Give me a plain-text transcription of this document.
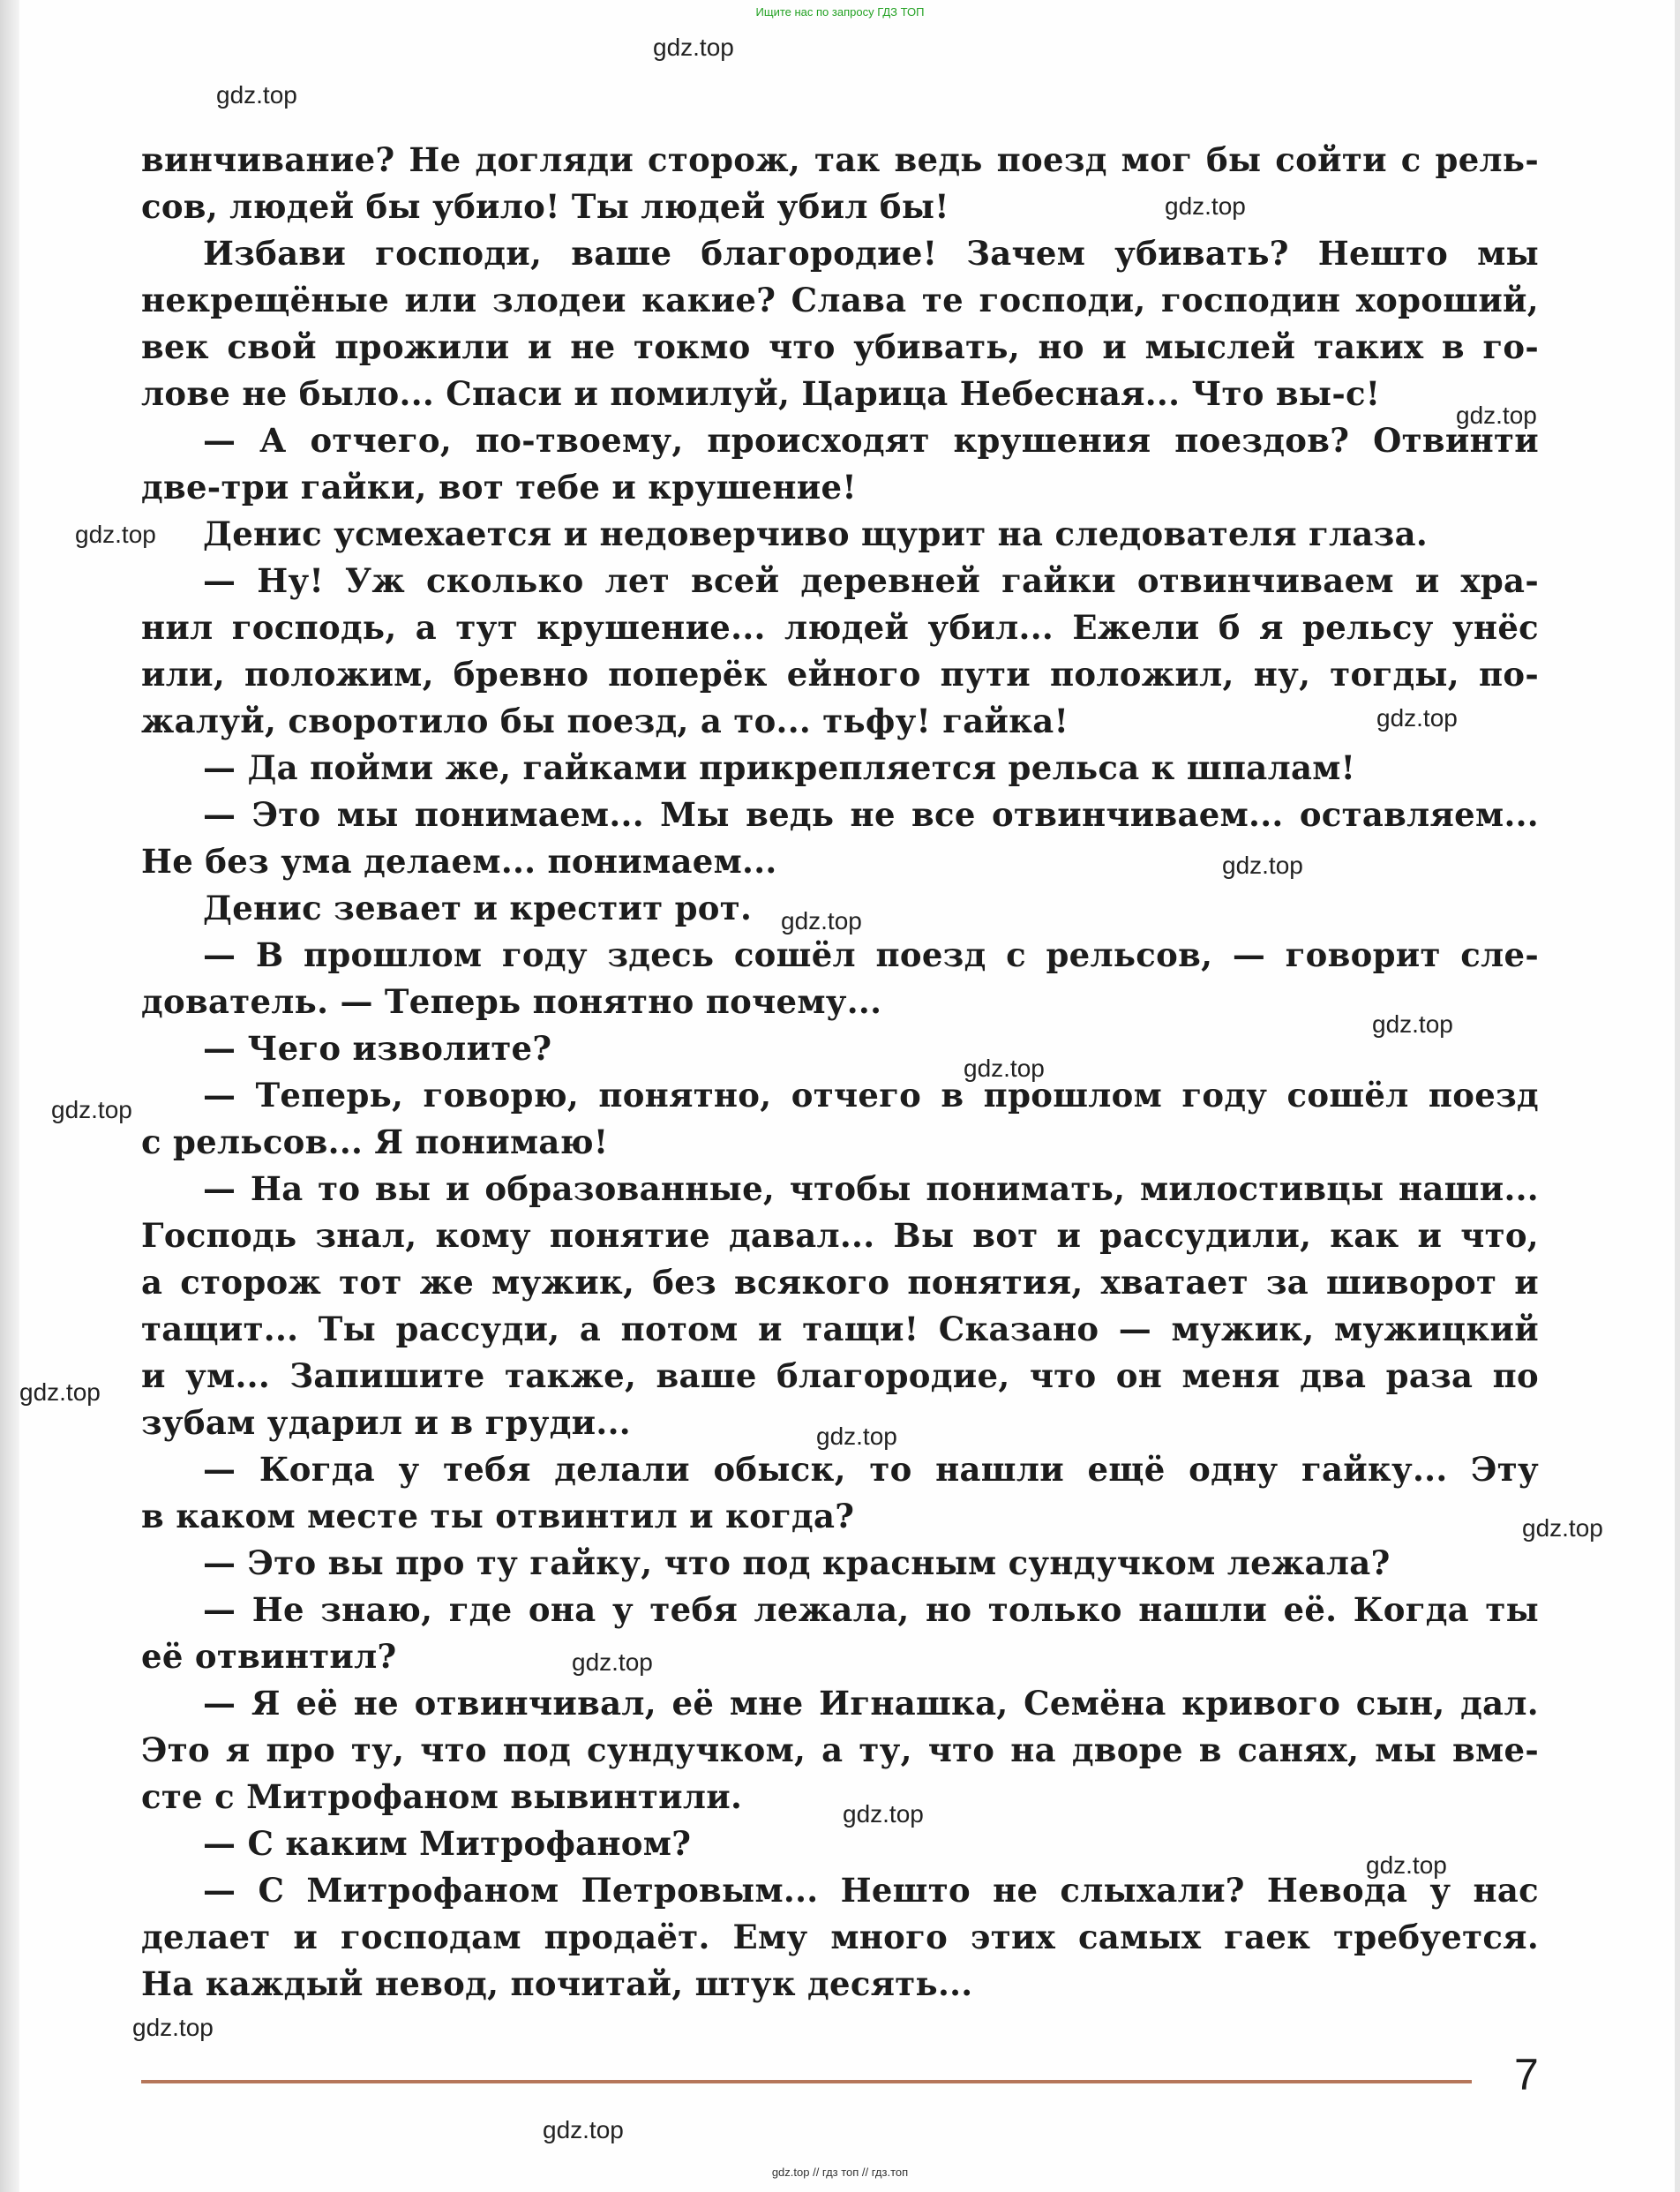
Ищите нас по запросу ГДЗ ТОП
винчивание? Не догляди сторож, так ведь поезд мог бы сойти с рель-
сов, людей бы убило! Ты людей убил бы!
Избави господи, ваше благородие! Зачем убивать? Нешто мы
некрещёные или злодеи какие? Слава те господи, господин хороший,
век свой прожили и не токмо что убивать, но и мыслей таких в го-
лове не было... Спаси и помилуй, Царица Небесная... Что вы-с!
— А отчего, по-твоему, происходят крушения поездов? Отвинти
две-три гайки, вот тебе и крушение!
Денис усмехается и недоверчиво щурит на следователя глаза.
— Ну! Уж сколько лет всей деревней гайки отвинчиваем и хра-
нил господь, а тут крушение... людей убил... Ежели б я рельсу унёс
или, положим, бревно поперёк ейного пути положил, ну, тогды, по-
жалуй, своротило бы поезд, а то... тьфу! гайка!
— Да пойми же, гайками прикрепляется рельса к шпалам!
— Это мы понимаем... Мы ведь не все отвинчиваем... оставляем...
Не без ума делаем... понимаем...
Денис зевает и крестит рот.
— В прошлом году здесь сошёл поезд с рельсов, — говорит сле-
дователь. — Теперь понятно почему...
— Чего изволите?
— Теперь, говорю, понятно, отчего в прошлом году сошёл поезд
с рельсов... Я понимаю!
— На то вы и образованные, чтобы понимать, милостивцы наши...
Господь знал, кому понятие давал... Вы вот и рассудили, как и что,
а сторож тот же мужик, без всякого понятия, хватает за шиворот и
тащит... Ты рассуди, а потом и тащи! Сказано — мужик, мужицкий
и ум... Запишите также, ваше благородие, что он меня два раза по
зубам ударил и в груди...
— Когда у тебя делали обыск, то нашли ещё одну гайку... Эту
в каком месте ты отвинтил и когда?
— Это вы про ту гайку, что под красным сундучком лежала?
— Не знаю, где она у тебя лежала, но только нашли её. Когда ты
её отвинтил?
— Я её не отвинчивал, её мне Игнашка, Семёна кривого сын, дал.
Это я про ту, что под сундучком, а ту, что на дворе в санях, мы вме-
сте с Митрофаном вывинтили.
— С каким Митрофаном?
— С Митрофаном Петровым... Нешто не слыхали? Невода у нас
делает и господам продаёт. Ему много этих самых гаек требуется.
На каждый невод, почитай, штук десять...
7
gdz.top
gdz.top
gdz.top
gdz.top
gdz.top
gdz.top
gdz.top
gdz.top
gdz.top
gdz.top
gdz.top
gdz.top
gdz.top
gdz.top
gdz.top
gdz.top
gdz.top
gdz.top
gdz.top
gdz.top // гдз топ // гдз.топ
